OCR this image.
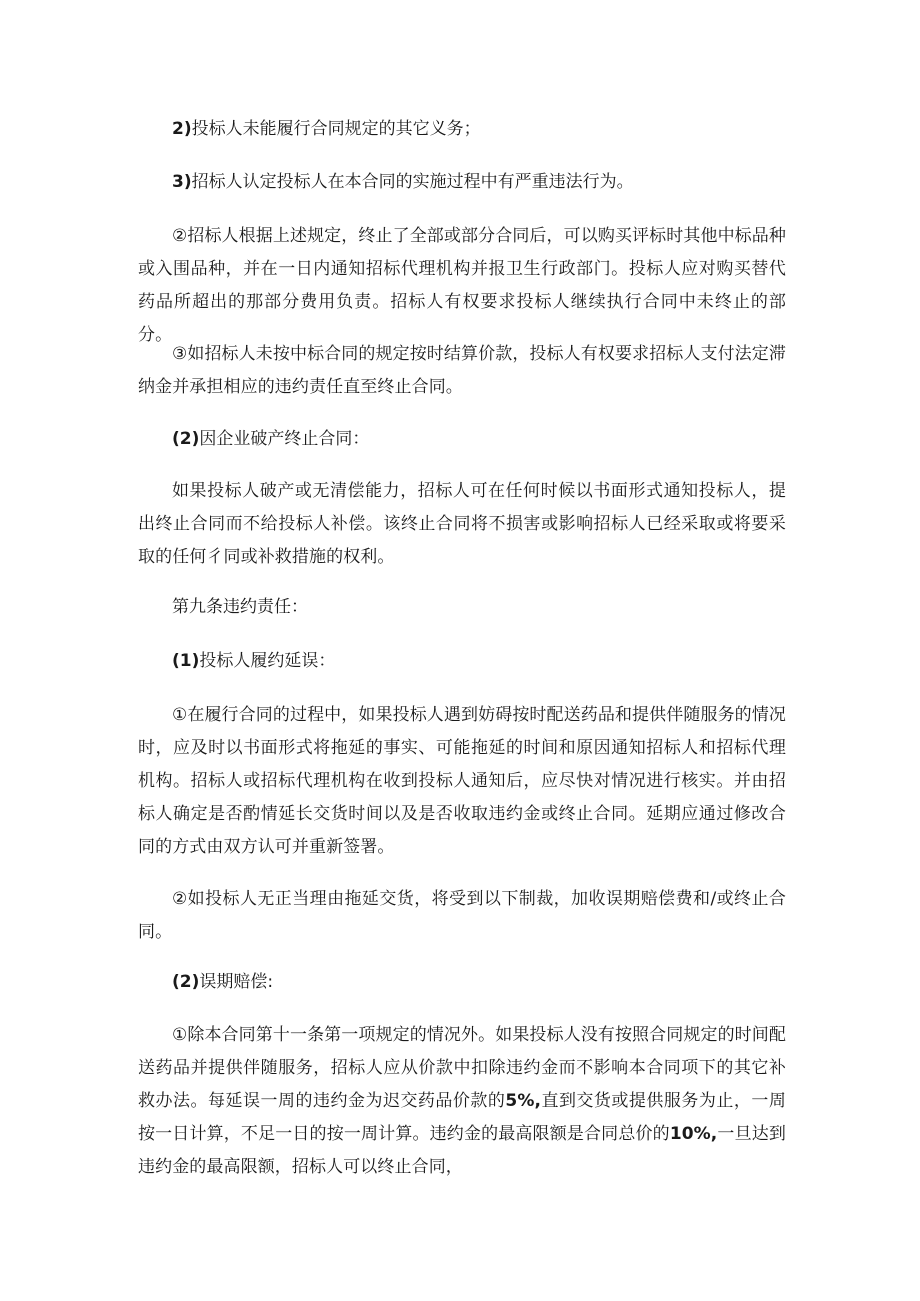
2)投标人未能履行合同规定的其它义务；

3)招标人认定投标人在本合同的实施过程中有严重违法行为。

②招标人根据上述规定，终止了全部或部分合同后，可以购买评标时其他中标品种或入围品种，并在一日内通知招标代理机构并报卫生行政部门。投标人应对购买替代药品所超出的那部分费用负责。招标人有权要求投标人继续执行合同中未终止的部分。

③如招标人未按中标合同的规定按时结算价款，投标人有权要求招标人支付法定滞纳金并承担相应的违约责任直至终止合同。

(2)因企业破产终止合同：

如果投标人破产或无清偿能力，招标人可在任何时候以书面形式通知投标人，提出终止合同而不给投标人补偿。该终止合同将不损害或影响招标人已经采取或将要采取的任何彳同或补救措施的权利。

第九条违约责任：

(1)投标人履约延误：

①在履行合同的过程中，如果投标人遇到妨碍按时配送药品和提供伴随服务的情况时，应及时以书面形式将拖延的事实、可能拖延的时间和原因通知招标人和招标代理机构。招标人或招标代理机构在收到投标人通知后，应尽快对情况进行核实。并由招标人确定是否酌情延长交货时间以及是否收取违约金或终止合同。延期应通过修改合同的方式由双方认可并重新签署。

②如投标人无正当理由拖延交货，将受到以下制裁，加收误期赔偿费和/或终止合同。

(2)误期赔偿:

①除本合同第十一条第一项规定的情况外。如果投标人没有按照合同规定的时间配送药品并提供伴随服务，招标人应从价款中扣除违约金而不影响本合同项下的其它补救办法。每延误一周的违约金为迟交药品价款的5%,直到交货或提供服务为止，一周按一日计算，不足一日的按一周计算。违约金的最高限额是合同总价的10%,一旦达到违约金的最高限额，招标人可以终止合同，
